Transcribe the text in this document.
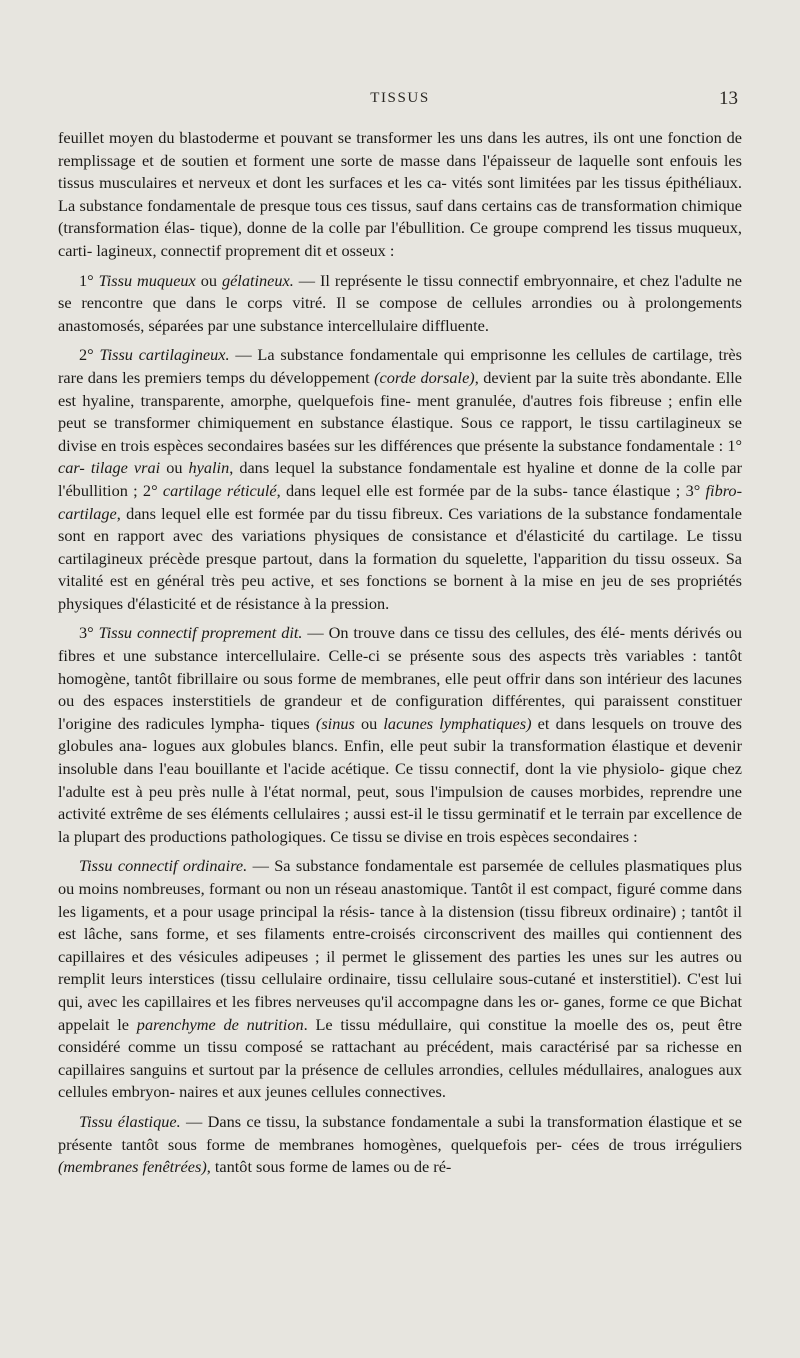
TISSUS	13

feuillet moyen du blastoderme et pouvant se transformer les uns dans les autres, ils ont une fonction de remplissage et de soutien et forment une sorte de masse dans l'épaisseur de laquelle sont enfouis les tissus musculaires et nerveux et dont les surfaces et les ca- vités sont limitées par les tissus épithéliaux. La substance fondamentale de presque tous ces tissus, sauf dans certains cas de transformation chimique (transformation élas- tique), donne de la colle par l'ébullition. Ce groupe comprend les tissus muqueux, carti- lagineux, connectif proprement dit et osseux :

1° Tissu muqueux ou gélatineux. — Il représente le tissu connectif embryonnaire, et chez l'adulte ne se rencontre que dans le corps vitré. Il se compose de cellules arrondies ou à prolongements anastomosés, séparées par une substance intercellulaire diffluente.

2° Tissu cartilagineux. — La substance fondamentale qui emprisonne les cellules de cartilage, très rare dans les premiers temps du développement (corde dorsale), devient par la suite très abondante. Elle est hyaline, transparente, amorphe, quelquefois fine- ment granulée, d'autres fois fibreuse ; enfin elle peut se transformer chimiquement en substance élastique. Sous ce rapport, le tissu cartilagineux se divise en trois espèces secondaires basées sur les différences que présente la substance fondamentale : 1° car- tilage vrai ou hyalin, dans lequel la substance fondamentale est hyaline et donne de la colle par l'ébullition ; 2° cartilage réticulé, dans lequel elle est formée par de la subs- tance élastique ; 3° fibro-cartilage, dans lequel elle est formée par du tissu fibreux. Ces variations de la substance fondamentale sont en rapport avec des variations physiques de consistance et d'élasticité du cartilage. Le tissu cartilagineux précède presque partout, dans la formation du squelette, l'apparition du tissu osseux. Sa vitalité est en général très peu active, et ses fonctions se bornent à la mise en jeu de ses propriétés physiques d'élasticité et de résistance à la pression.

3° Tissu connectif proprement dit. — On trouve dans ce tissu des cellules, des élé- ments dérivés ou fibres et une substance intercellulaire. Celle-ci se présente sous des aspects très variables : tantôt homogène, tantôt fibrillaire ou sous forme de membranes, elle peut offrir dans son intérieur des lacunes ou des espaces insterstitiels de grandeur et de configuration différentes, qui paraissent constituer l'origine des radicules lympha- tiques (sinus ou lacunes lymphatiques) et dans lesquels on trouve des globules ana- logues aux globules blancs. Enfin, elle peut subir la transformation élastique et devenir insoluble dans l'eau bouillante et l'acide acétique. Ce tissu connectif, dont la vie physiolo- gique chez l'adulte est à peu près nulle à l'état normal, peut, sous l'impulsion de causes morbides, reprendre une activité extrême de ses éléments cellulaires ; aussi est-il le tissu germinatif et le terrain par excellence de la plupart des productions pathologiques. Ce tissu se divise en trois espèces secondaires :

Tissu connectif ordinaire. — Sa substance fondamentale est parsemée de cellules plasmatiques plus ou moins nombreuses, formant ou non un réseau anastomique. Tantôt il est compact, figuré comme dans les ligaments, et a pour usage principal la résis- tance à la distension (tissu fibreux ordinaire) ; tantôt il est lâche, sans forme, et ses filaments entre-croisés circonscrivent des mailles qui contiennent des capillaires et des vésicules adipeuses ; il permet le glissement des parties les unes sur les autres ou remplit leurs interstices (tissu cellulaire ordinaire, tissu cellulaire sous-cutané et insterstitiel). C'est lui qui, avec les capillaires et les fibres nerveuses qu'il accompagne dans les or- ganes, forme ce que Bichat appelait le parenchyme de nutrition. Le tissu médullaire, qui constitue la moelle des os, peut être considéré comme un tissu composé se rattachant au précédent, mais caractérisé par sa richesse en capillaires sanguins et surtout par la présence de cellules arrondies, cellules médullaires, analogues aux cellules embryon- naires et aux jeunes cellules connectives.

Tissu élastique. — Dans ce tissu, la substance fondamentale a subi la transformation élastique et se présente tantôt sous forme de membranes homogènes, quelquefois per- cées de trous irréguliers (membranes fenêtrées), tantôt sous forme de lames ou de ré-
